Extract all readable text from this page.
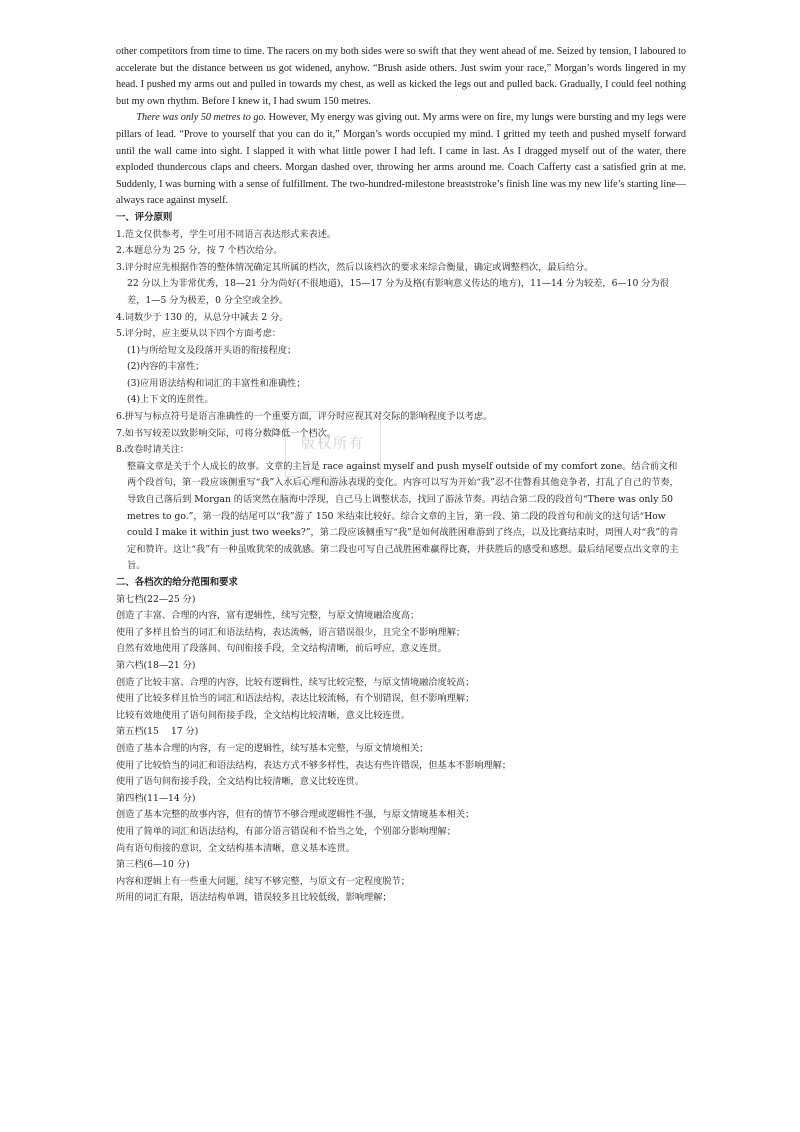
版权所有

other competitors from time to time. The racers on my both sides were so swift that they went ahead of me. Seized by tension, I laboured to accelerate but the distance between us got widened, anyhow. “Brush aside others. Just swim your race,” Morgan’s words lingered in my head. I pushed my arms out and pulled in towards my chest, as well as kicked the legs out and pulled back. Gradually, I could feel nothing but my own rhythm. Before I knew it, I had swum 150 metres.

There was only 50 metres to go. However, My energy was giving out. My arms were on fire, my lungs were bursting and my legs were pillars of lead. “Prove to yourself that you can do it,” Morgan’s words occupied my mind. I gritted my teeth and pushed myself forward until the wall came into sight. I slapped it with what little power I had left. I came in last. As I dragged myself out of the water, there exploded thundercous claps and cheers. Morgan dashed over, throwing her arms around me. Coach Cafferty cast a satisfied grin at me. Suddenly, I was burning with a sense of fulfillment. The two-hundred-milestone breaststroke’s finish line was my new life’s starting line—always race against myself.

一、评分原则

1.范文仅供参考，学生可用不同语言表达形式来表述。

2.本题总分为 25 分，按 7 个档次给分。

3.评分时应先根据作答的整体情况确定其所属的档次，然后以该档次的要求来综合衡量，确定或调整档次，最后给分。

22 分以上为非常优秀，18—21 分为尚好(不很地道)，15—17 分为及格(有影响意义传达的地方)，11—14 分为较差，6—10 分为很差，1—5 分为极差，0 分全空或全抄。

4.词数少于 130 的，从总分中减去 2 分。

5.评分时，应主要从以下四个方面考虑：

(1)与所给短文及段落开头语的衔接程度；

(2)内容的丰富性；

(3)应用语法结构和词汇的丰富性和准确性；

(4)上下文的连贯性。

6.拼写与标点符号是语言准确性的一个重要方面，评分时应视其对交际的影响程度予以考虑。

7.如书写较差以致影响交际，可将分数降低一个档次。

8.改卷时请关注：

整篇文章是关于个人成长的故事。文章的主旨是 race against myself and push myself outside of my comfort zone。结合前文和两个段首句，第一段应该侧重写“我”入水后心理和游泳表现的变化。内容可以写为开始“我”忍不住瞥看其他竞争者，打乱了自己的节奏，导致自己落后到 Morgan 的话突然在脑海中浮现，自己马上调整状态，找回了游泳节奏。再结合第二段的段首句“There was only 50 metres to go.”，第一段的结尾可以“我”游了 150 米结束比较好。综合文章的主旨，第一段、第二段的段首句和前文的这句话“How could I make it within just two weeks?”，第二段应该侧重写“我”是如何战胜困难游到了终点，以及比赛结束时，周围人对“我”的肯定和赞许。这让“我”有一种虽败犹荣的成就感。第二段也可写自己战胜困难赢得比赛，并获胜后的感受和感想。最后结尾要点出文章的主旨。

二、各档次的给分范围和要求

第七档(22—25 分)

创造了丰富、合理的内容，富有逻辑性，续写完整，与原文情境融洽度高；

使用了多样且恰当的词汇和语法结构，表达流畅，语言错误很少，且完全不影响理解；

自然有效地使用了段落间、句间衔接手段，全文结构清晰，前后呼应，意义连贯。

第六档(18—21 分)

创造了比较丰富、合理的内容，比较有逻辑性，续写比较完整，与原文情境融洽度较高；

使用了比较多样且恰当的词汇和语法结构，表达比较流畅，有个别错误，但不影响理解；

比较有效地使用了语句间衔接手段，全文结构比较清晰，意义比较连贯。

第五档(15　 17 分)

创造了基本合理的内容，有一定的逻辑性，续写基本完整，与原文情境相关；

使用了比较恰当的词汇和语法结构，表达方式不够多样性，表达有些许错误，但基本不影响理解；

使用了语句间衔接手段，全文结构比较清晰，意义比较连贯。

第四档(11—14 分)

创造了基本完整的故事内容，但有的情节不够合理或逻辑性不强，与原文情境基本相关；

使用了简单的词汇和语法结构，有部分语言错误和不恰当之处，个别部分影响理解；

尚有语句衔接的意识，全文结构基本清晰，意义基本连贯。

第三档(6—10 分)

内容和逻辑上有一些重大问题，续写不够完整，与原文有一定程度脱节；

所用的词汇有限，语法结构单调，错误较多且比较低级，影响理解；
